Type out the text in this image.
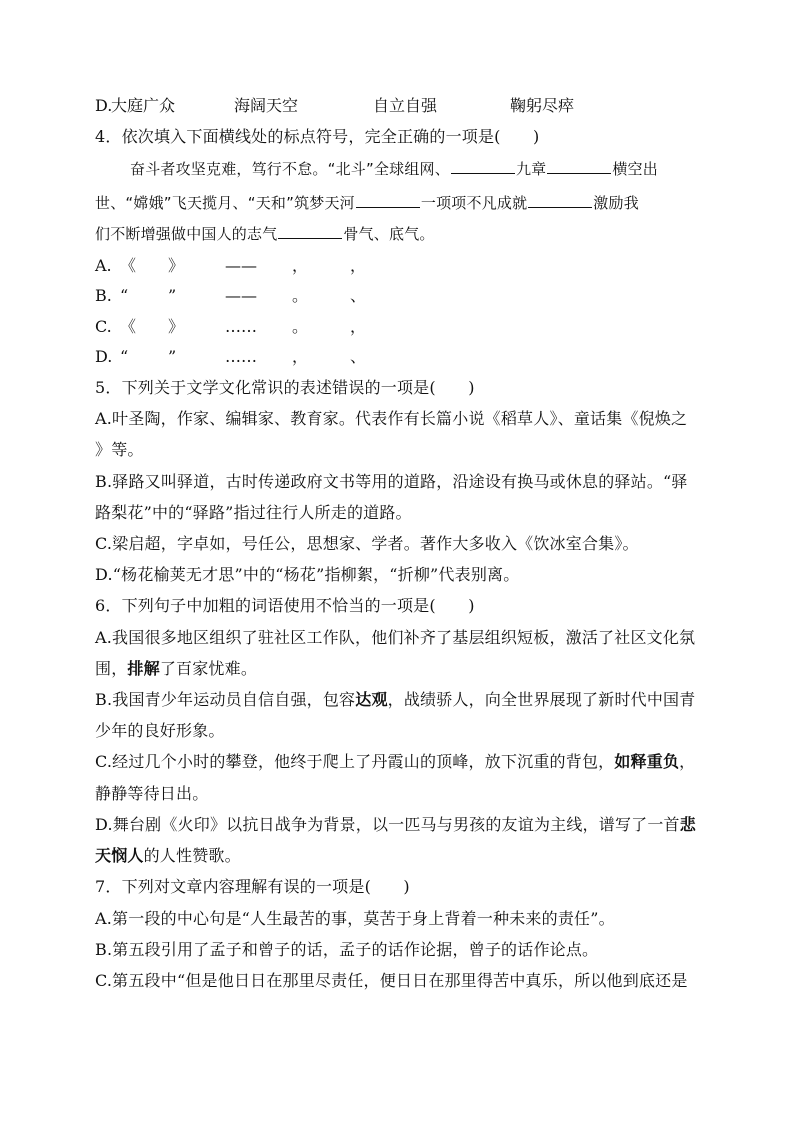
D.
大庭广众	海阔天空	自立自强	鞠躬尽瘁
4．依次填入下面横线处的标点符号，完全正确的一项是(　　)
奋斗者攻坚克难，笃行不怠。“北斗”全球组网、	九章	横空出
世、“嫦娥”飞天揽月、“天和”筑梦天河	一项项不凡成就	激励我
们不断增强做中国人的志气	骨气、底气。
A. 《 》	—— ，	，
B. “ ”	—— 。	、
C. 《 》	…… 。	，
D. “ ”	…… ，	、
5．下列关于文学文化常识的表述错误的一项是(　　)
A.叶圣陶，作家、编辑家、教育家。代表作有长篇小说《稻草人》、童话集《倪焕之
》等。
B.驿路又叫驿道，古时传递政府文书等用的道路，沿途设有换马或休息的驿站。“驿
路梨花”中的“驿路”指过往行人所走的道路。
C.梁启超，字卓如，号任公，思想家、学者。著作大多收入《饮冰室合集》。
D.“杨花榆荚无才思”中的“杨花”指柳絮，“折柳”代表别离。
6．下列句子中加粗的词语使用不恰当的一项是(　　)
A.我国很多地区组织了驻社区工作队，他们补齐了基层组织短板，激活了社区文化氛
围，排解了百家忧难。
B.我国青少年运动员自信自强，包容达观，战绩骄人，向全世界展现了新时代中国青
少年的良好形象。
C.经过几个小时的攀登，他终于爬上了丹霞山的顶峰，放下沉重的背包，如释重负，
静静等待日出。
D.舞台剧《火印》以抗日战争为背景，以一匹马与男孩的友谊为主线，谱写了一首悲
天悯人的人性赞歌。
7．下列对文章内容理解有误的一项是(　　)
A.第一段的中心句是“人生最苦的事，莫苦于身上背着一种未来的责任”。
B.第五段引用了孟子和曾子的话，孟子的话作论据，曾子的话作论点。
C.第五段中“但是他日日在那里尽责任，便日日在那里得苦中真乐，所以他到底还是
